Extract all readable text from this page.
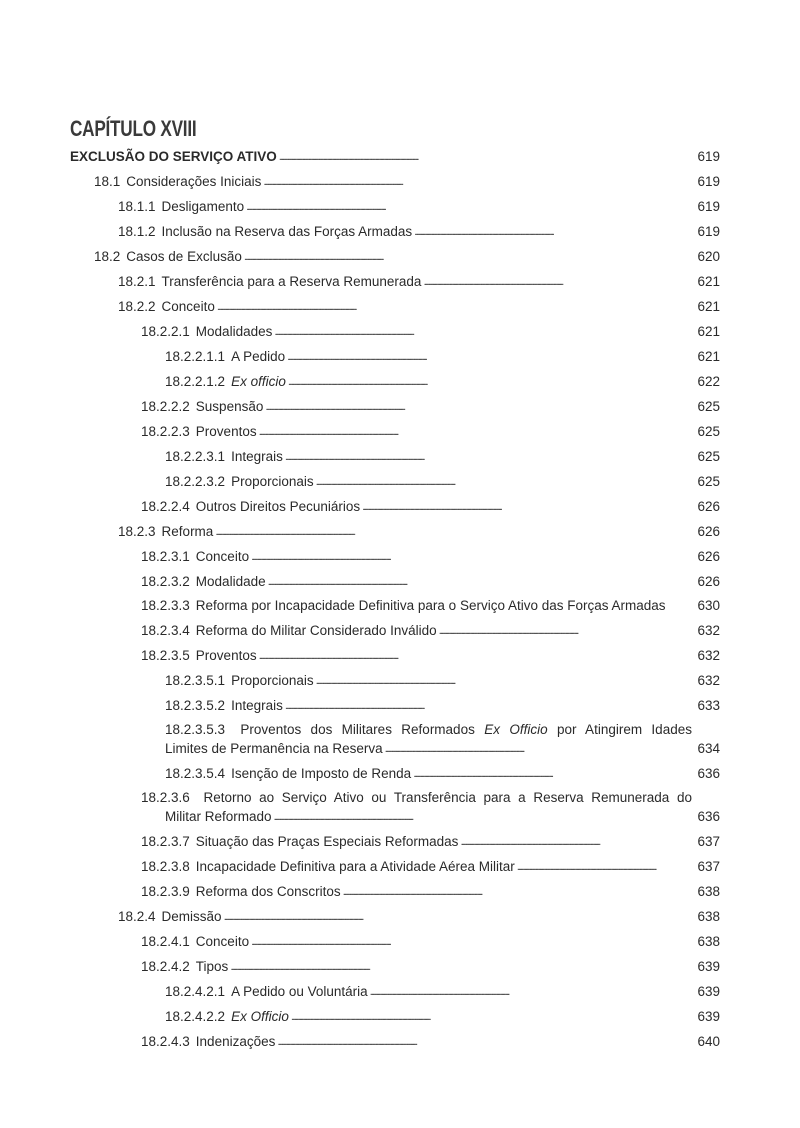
CAPÍTULO XVIII
EXCLUSÃO DO SERVIÇO ATIVO . . .	619
18.1 Considerações Iniciais . . .	619
18.1.1 Desligamento . . .	619
18.1.2 Inclusão na Reserva das Forças Armadas . . .	619
18.2 Casos de Exclusão . . .	620
18.2.1 Transferência para a Reserva Remunerada . . .	621
18.2.2 Conceito . . .	621
18.2.2.1 Modalidades . . .	621
18.2.2.1.1 A Pedido . . .	621
18.2.2.1.2 Ex officio . . .	622
18.2.2.2 Suspensão . . .	625
18.2.2.3 Proventos . . .	625
18.2.2.3.1 Integrais . . .	625
18.2.2.3.2 Proporcionais . . .	625
18.2.2.4 Outros Direitos Pecuniários . . .	626
18.2.3 Reforma . . .	626
18.2.3.1 Conceito . . .	626
18.2.3.2 Modalidade . . .	626
18.2.3.3 Reforma por Incapacidade Definitiva para o Serviço Ativo das Forças Armadas	630
18.2.3.4 Reforma do Militar Considerado Inválido . . .	632
18.2.3.5 Proventos . . .	632
18.2.3.5.1 Proporcionais . . .	632
18.2.3.5.2 Integrais . . .	633
18.2.3.5.3 Proventos dos Militares Reformados Ex Officio por Atingirem Idades
Limites de Permanência na Reserva . . .	634
18.2.3.5.4 Isenção de Imposto de Renda . . .	636
18.2.3.6 Retorno ao Serviço Ativo ou Transferência para a Reserva Remunerada do
Militar Reformado . . .	636
18.2.3.7 Situação das Praças Especiais Reformadas . . .	637
18.2.3.8 Incapacidade Definitiva para a Atividade Aérea Militar . . .	637
18.2.3.9 Reforma dos Conscritos . . .	638
18.2.4 Demissão . . .	638
18.2.4.1 Conceito . . .	638
18.2.4.2 Tipos . . .	639
18.2.4.2.1 A Pedido ou Voluntária . . .	639
18.2.4.2.2 Ex Officio . . .	639
18.2.4.3 Indenizações . . .	640
